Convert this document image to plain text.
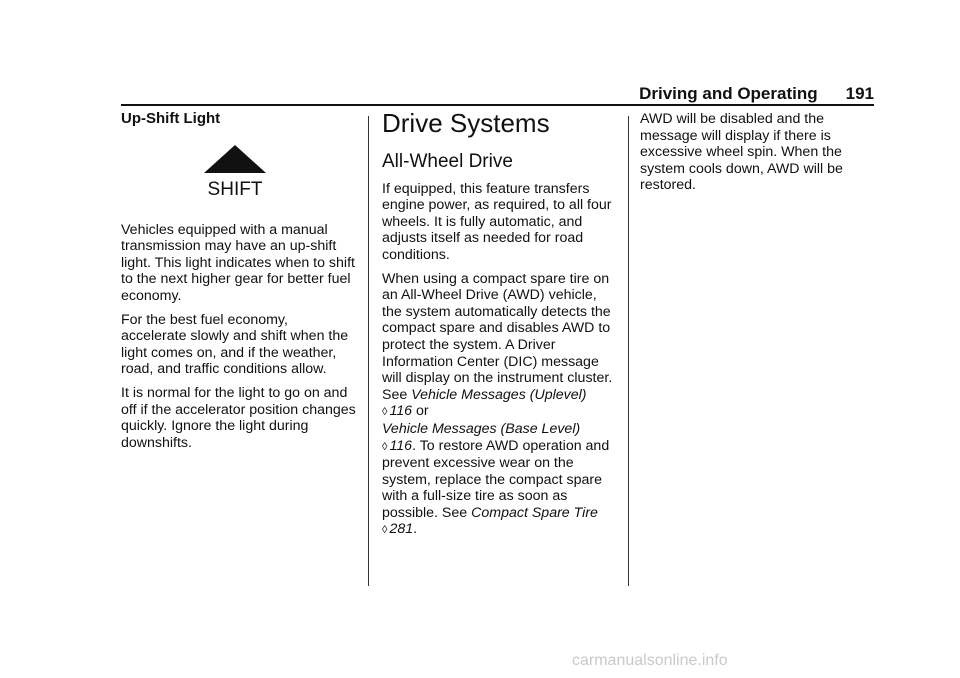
Driving and Operating 191
Up-Shift Light
SHIFT

Vehicles equipped with a manual transmission may have an up-shift light. This light indicates when to shift to the next higher gear for better fuel economy.

For the best fuel economy, accelerate slowly and shift when the light comes on, and if the weather, road, and traffic conditions allow.

It is normal for the light to go on and off if the accelerator position changes quickly. Ignore the light during downshifts.

Drive Systems
All-Wheel Drive

If equipped, this feature transfers engine power, as required, to all four wheels. It is fully automatic, and adjusts itself as needed for road conditions.

When using a compact spare tire on an All-Wheel Drive (AWD) vehicle, the system automatically detects the compact spare and disables AWD to protect the system. A Driver Information Center (DIC) message will display on the instrument cluster. See Vehicle Messages (Uplevel) ◊ 116 or
Vehicle Messages (Base Level)
◊ 116. To restore AWD operation and prevent excessive wear on the system, replace the compact spare with a full-size tire as soon as possible. See Compact Spare Tire
◊ 281.

AWD will be disabled and the message will display if there is excessive wheel spin. When the system cools down, AWD will be restored.

carmanualsonline.info
